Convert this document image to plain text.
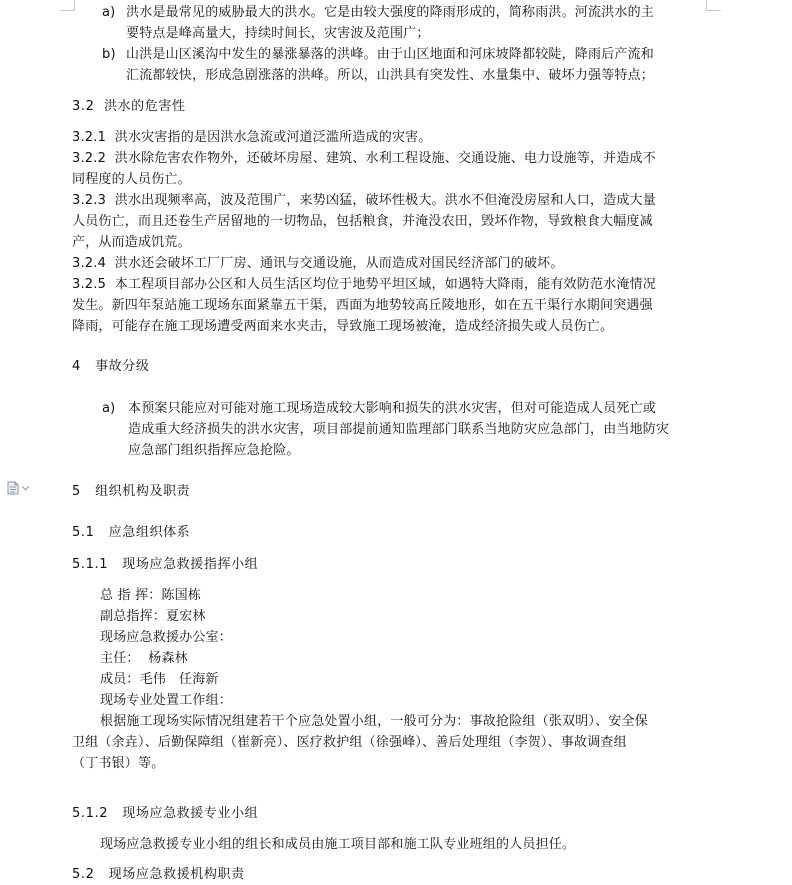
a) 洪水是最常见的威胁最大的洪水。它是由较大强度的降雨形成的，简称雨洪。河流洪水的主
要特点是峰高量大，持续时间长，灾害波及范围广；
b) 山洪是山区溪沟中发生的暴涨暴落的洪峰。由于山区地面和河床坡降都较陡，降雨后产流和
汇流都较快，形成急剧涨落的洪峰。所以，山洪具有突发性、水量集中、破坏力强等特点；
3.2  洪水的危害性
3.2.1  洪水灾害指的是因洪水急流或河道泛滥所造成的灾害。
3.2.2  洪水除危害农作物外，还破坏房屋、建筑、水利工程设施、交通设施、电力设施等，并造成不
同程度的人员伤亡。
3.2.3  洪水出现频率高，波及范围广，来势凶猛，破坏性极大。洪水不但淹没房屋和人口，造成大量
人员伤亡，而且还卷生产居留地的一切物品，包括粮食，并淹没农田，毁坏作物，导致粮食大幅度减
产，从而造成饥荒。
3.2.4  洪水还会破坏工厂厂房、通讯与交通设施，从而造成对国民经济部门的破坏。
3.2.5  本工程项目部办公区和人员生活区均位于地势平坦区域，如遇特大降雨，能有效防范水淹情况
发生。新四年泵站施工现场东面紧靠五干渠，西面为地势较高丘陵地形，如在五干渠行水期间突遇强
降雨，可能存在施工现场遭受两面来水夹击，导致施工现场被淹，造成经济损失或人员伤亡。
4   事故分级
a) 本预案只能应对可能对施工现场造成较大影响和损失的洪水灾害，但对可能造成人员死亡或
造成重大经济损失的洪水灾害，项目部提前通知监理部门联系当地防灾应急部门，由当地防灾
应急部门组织指挥应急抢险。
5   组织机构及职责
5.1   应急组织体系
5.1.1   现场应急救援指挥小组
总 指 挥：陈国栋
副总指挥：夏宏林
现场应急救援办公室：
主任：  杨森林
成员：毛伟   任海新
现场专业处置工作组：
根据施工现场实际情况组建若干个应急处置小组，一般可分为：事故抢险组（张双明）、安全保
卫组（余垚）、后勤保障组（崔新亮）、医疗救护组（徐强峰）、善后处理组（李贺）、事故调查组
（丁书银）等。
5.1.2   现场应急救援专业小组
现场应急救援专业小组的组长和成员由施工项目部和施工队专业班组的人员担任。
5.2   现场应急救援机构职责
